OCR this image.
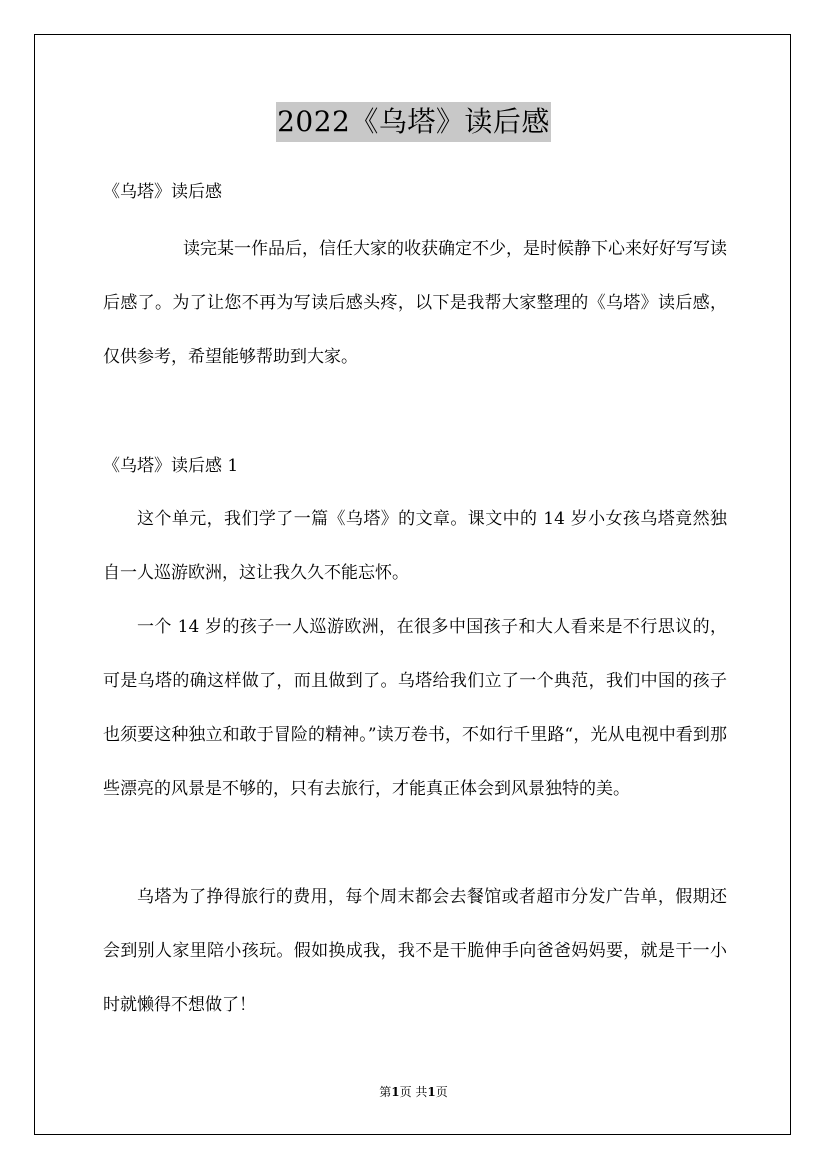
2022《乌塔》读后感

《乌塔》读后感

读完某一作品后，信任大家的收获确定不少，是时候静下心来好好写写读后感了。为了让您不再为写读后感头疼，以下是我帮大家整理的《乌塔》读后感，仅供参考，希望能够帮助到大家。

《乌塔》读后感 1

这个单元，我们学了一篇《乌塔》的文章。课文中的 14 岁小女孩乌塔竟然独自一人巡游欧洲，这让我久久不能忘怀。

一个 14 岁的孩子一人巡游欧洲，在很多中国孩子和大人看来是不行思议的，可是乌塔的确这样做了，而且做到了。乌塔给我们立了一个典范，我们中国的孩子也须要这种独立和敢于冒险的精神。”读万卷书，不如行千里路“，光从电视中看到那些漂亮的风景是不够的，只有去旅行，才能真正体会到风景独特的美。

乌塔为了挣得旅行的费用，每个周末都会去餐馆或者超市分发广告单，假期还会到别人家里陪小孩玩。假如换成我，我不是干脆伸手向爸爸妈妈要，就是干一小时就懒得不想做了！

第1页 共1页
